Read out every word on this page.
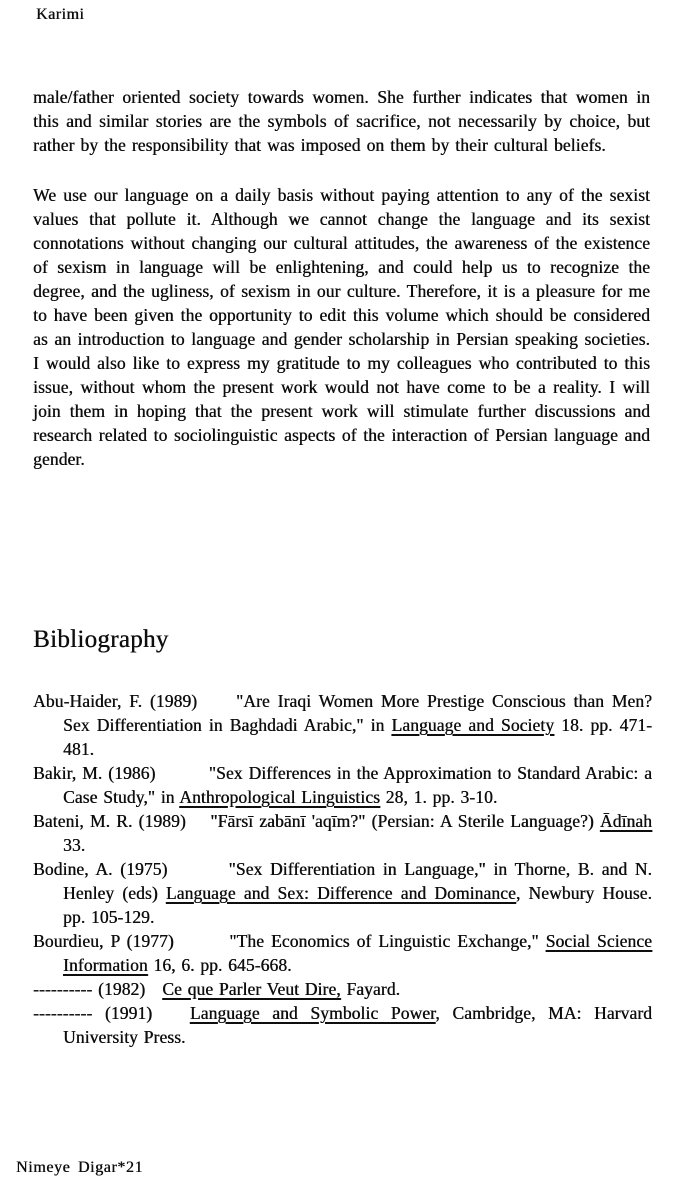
Karimi

male/father oriented society towards women. She further indicates that women in this and similar stories are the symbols of sacrifice, not necessarily by choice, but rather by the responsibility that was imposed on them by their cultural beliefs.

We use our language on a daily basis without paying attention to any of the sexist values that pollute it. Although we cannot change the language and its sexist connotations without changing our cultural attitudes, the awareness of the existence of sexism in language will be enlightening, and could help us to recognize the degree, and the ugliness, of sexism in our culture. Therefore, it is a pleasure for me to have been given the opportunity to edit this volume which should be considered as an introduction to language and gender scholarship in Persian speaking societies. I would also like to express my gratitude to my colleagues who contributed to this issue, without whom the present work would not have come to be a reality. I will join them in hoping that the present work will stimulate further discussions and research related to sociolinguistic aspects of the interaction of Persian language and gender.

Bibliography

Abu-Haider, F. (1989)     "Are Iraqi Women More Prestige Conscious than Men? Sex Differentiation in Baghdadi Arabic," in Language and Society 18. pp. 471-481.

Bakir, M. (1986)         "Sex Differences in the Approximation to Standard Arabic: a Case Study," in Anthropological Linguistics 28, 1. pp. 3-10.

Bateni, M. R. (1989)    "Fārsī zabānī 'aqīm?" (Persian: A Sterile Language?) Ādīnah 33.

Bodine, A. (1975)        "Sex Differentiation in Language," in Thorne, B. and N. Henley (eds) Language and Sex: Difference and Dominance, Newbury House. pp. 105-129.

Bourdieu, P (1977)        "The Economics of Linguistic Exchange," Social Science Information 16, 6. pp. 645-668.

---------- (1982)   Ce que Parler Veut Dire, Fayard.

---------- (1991)   Language and Symbolic Power, Cambridge, MA: Harvard University Press.

Nimeye Digar*21
